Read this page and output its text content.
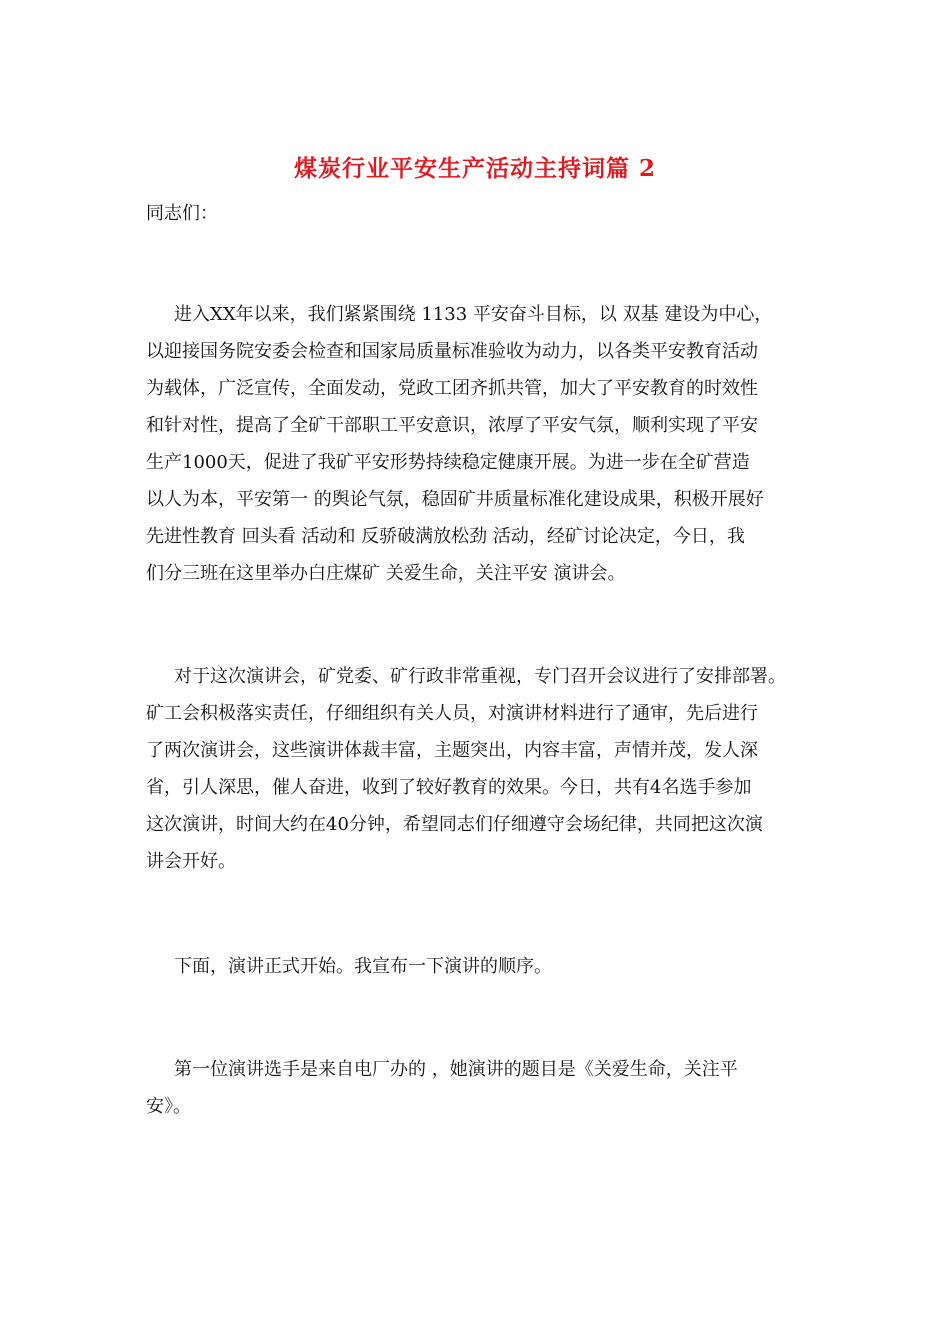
煤炭行业平安生产活动主持词篇 2
同志们：
进入XX年以来，我们紧紧围绕 1133 平安奋斗目标，以 双基 建设为中心，
以迎接国务院安委会检查和国家局质量标准验收为动力，以各类平安教育活动
为载体，广泛宣传，全面发动，党政工团齐抓共管，加大了平安教育的时效性
和针对性，提高了全矿干部职工平安意识，浓厚了平安气氛，顺利实现了平安
生产1000天，促进了我矿平安形势持续稳定健康开展。为进一步在全矿营造
以人为本，平安第一 的舆论气氛，稳固矿井质量标准化建设成果，积极开展好
先进性教育 回头看 活动和 反骄破满放松劲 活动，经矿讨论决定，今日，我
们分三班在这里举办白庄煤矿 关爱生命，关注平安 演讲会。
对于这次演讲会，矿党委、矿行政非常重视，专门召开会议进行了安排部署。
矿工会积极落实责任，仔细组织有关人员，对演讲材料进行了通审，先后进行
了两次演讲会，这些演讲体裁丰富，主题突出，内容丰富，声情并茂，发人深
省，引人深思，催人奋进，收到了较好教育的效果。今日，共有4名选手参加
这次演讲，时间大约在40分钟，希望同志们仔细遵守会场纪律，共同把这次演
讲会开好。
下面，演讲正式开始。我宣布一下演讲的顺序。
第一位演讲选手是来自电厂办的 ，她演讲的题目是《关爱生命，关注平
安》。
